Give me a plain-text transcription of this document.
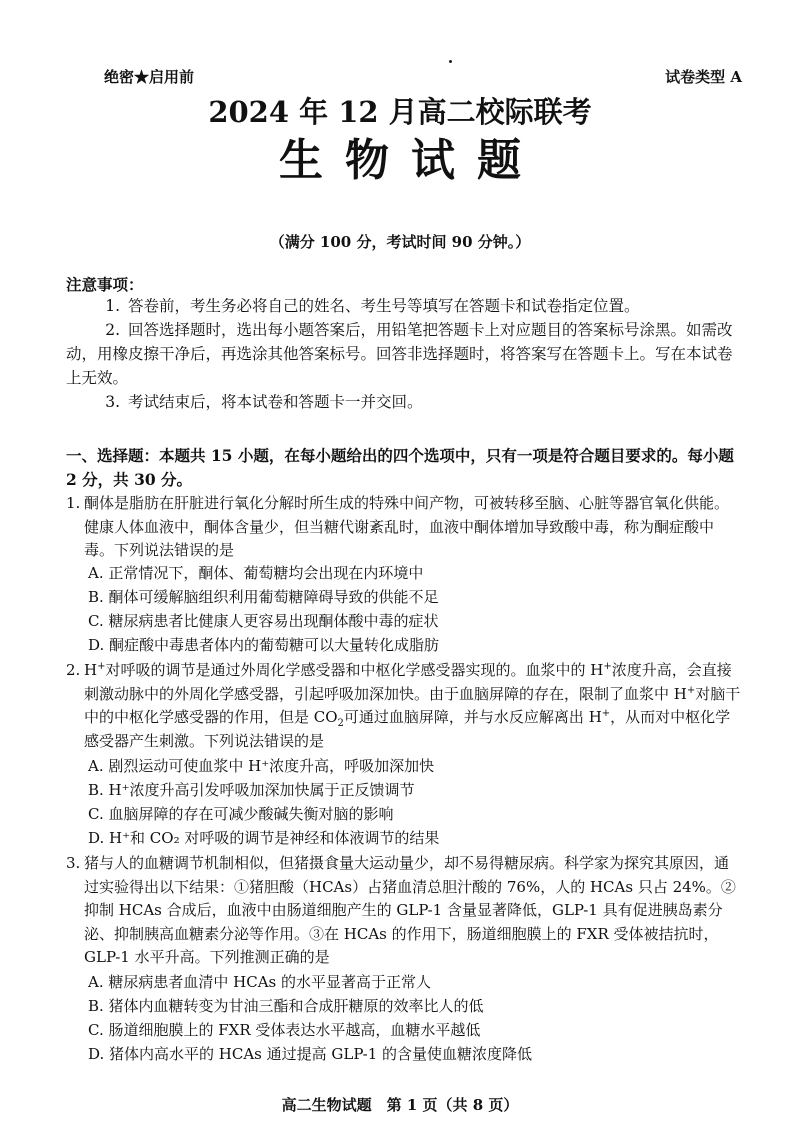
绝密★启用前	试卷类型 A
2024 年 12 月高二校际联考
生物试题
（满分 100 分，考试时间 90 分钟。）
注意事项：
1. 答卷前，考生务必将自己的姓名、考生号等填写在答题卡和试卷指定位置。
2. 回答选择题时，选出每小题答案后，用铅笔把答题卡上对应题目的答案标号涂黑。如需改动，用橡皮擦干净后，再选涂其他答案标号。回答非选择题时，将答案写在答题卡上。写在本试卷上无效。
3. 考试结束后，将本试卷和答题卡一并交回。
一、选择题：本题共 15 小题，在每小题给出的四个选项中，只有一项是符合题目要求的。每小题 2 分，共 30 分。
1. 酮体是脂肪在肝脏进行氧化分解时所生成的特殊中间产物，可被转移至脑、心脏等器官氧化供能。健康人体血液中，酮体含量少，但当糖代谢紊乱时，血液中酮体增加导致酸中毒，称为酮症酸中毒。下列说法错误的是
A. 正常情况下，酮体、葡萄糖均会出现在内环境中
B. 酮体可缓解脑组织利用葡萄糖障碍导致的供能不足
C. 糖尿病患者比健康人更容易出现酮体酸中毒的症状
D. 酮症酸中毒患者体内的葡萄糖可以大量转化成脂肪
2. H+对呼吸的调节是通过外周化学感受器和中枢化学感受器实现的。血浆中的 H+浓度升高，会直接刺激动脉中的外周化学感受器，引起呼吸加深加快。由于血脑屏障的存在，限制了血浆中 H+对脑干中的中枢化学感受器的作用，但是 $CO_2$可通过血脑屏障，并与水反应解离出 H+，从而对中枢化学感受器产生刺激。下列说法错误的是
A. 剧烈运动可使血浆中 H⁺浓度升高，呼吸加深加快
B. H⁺浓度升高引发呼吸加深加快属于正反馈调节
C. 血脑屏障的存在可减少酸碱失衡对脑的影响
D. H⁺和 CO₂ 对呼吸的调节是神经和体液调节的结果
3. 猪与人的血糖调节机制相似，但猪摄食量大运动量少，却不易得糖尿病。科学家为探究其原因，通过实验得出以下结果：①猪胆酸（HCAs）占猪血清总胆汁酸的 76%，人的 HCAs 只占 24%。②抑制 HCAs 合成后，血液中由肠道细胞产生的 GLP-1 含量显著降低，GLP-1 具有促进胰岛素分泌、抑制胰高血糖素分泌等作用。③在 HCAs 的作用下，肠道细胞膜上的 FXR 受体被拮抗时，GLP-1 水平升高。下列推测正确的是
A. 糖尿病患者血清中 HCAs 的水平显著高于正常人
B. 猪体内血糖转变为甘油三酯和合成肝糖原的效率比人的低
C. 肠道细胞膜上的 FXR 受体表达水平越高，血糖水平越低
D. 猪体内高水平的 HCAs 通过提高 GLP-1 的含量使血糖浓度降低
高二生物试题　第 1 页（共 8 页）
